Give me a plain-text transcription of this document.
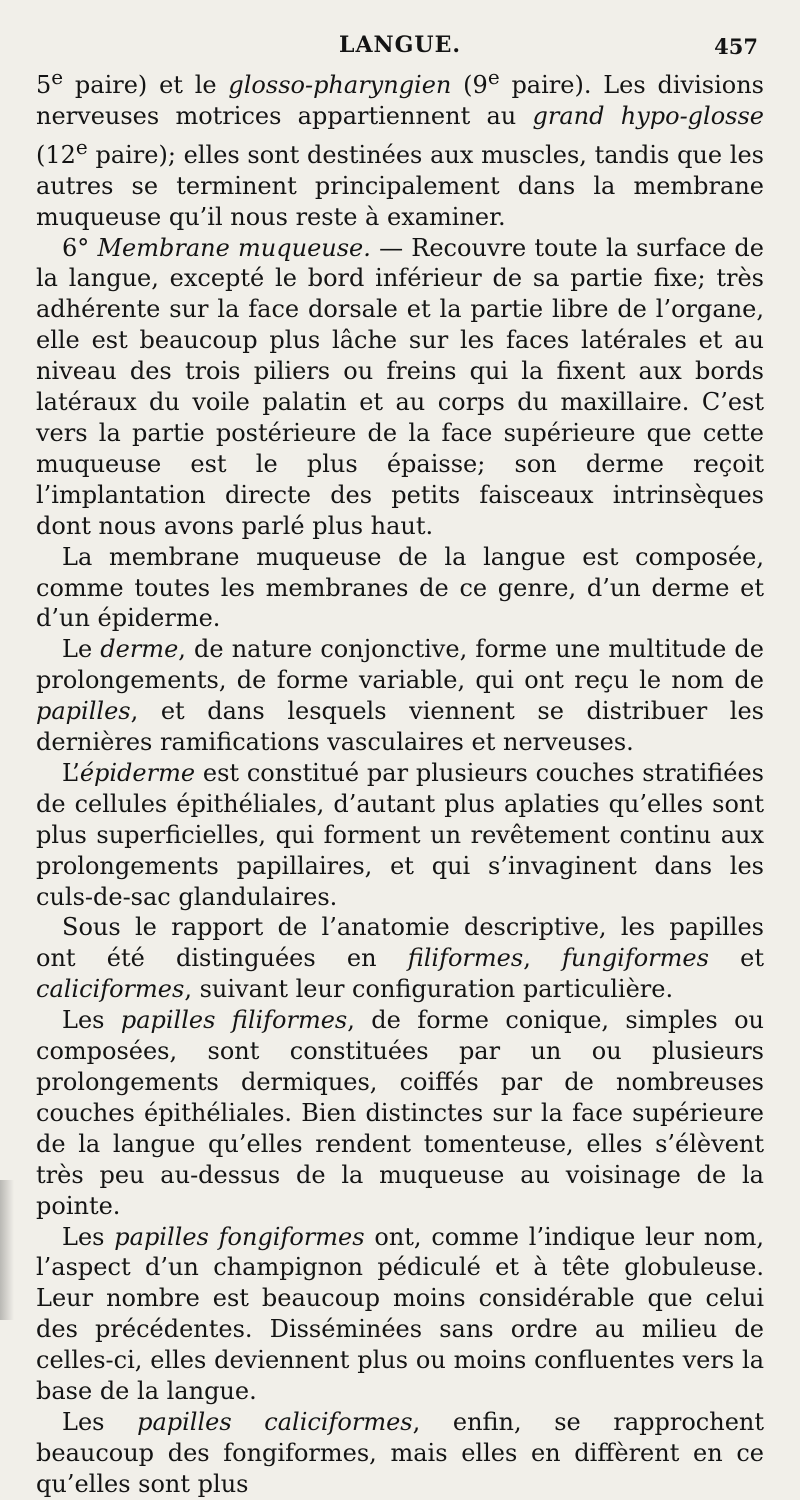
LANGUE.	457

5e paire) et le glosso-pharyngien (9e paire). Les divisions nerveuses motrices appartiennent au grand hypo-glosse (12e paire); elles sont destinées aux muscles, tandis que les autres se terminent principalement dans la membrane muqueuse qu’il nous reste à examiner.

6° Membrane muqueuse. — Recouvre toute la surface de la langue, excepté le bord inférieur de sa partie fixe; très adhérente sur la face dorsale et la partie libre de l’organe, elle est beaucoup plus lâche sur les faces latérales et au niveau des trois piliers ou freins qui la fixent aux bords latéraux du voile palatin et au corps du maxillaire. C’est vers la partie postérieure de la face supérieure que cette muqueuse est le plus épaisse; son derme reçoit l’implantation directe des petits faisceaux intrinsèques dont nous avons parlé plus haut.

La membrane muqueuse de la langue est composée, comme toutes les membranes de ce genre, d’un derme et d’un épiderme.

Le derme, de nature conjonctive, forme une multitude de prolongements, de forme variable, qui ont reçu le nom de papilles, et dans lesquels viennent se distribuer les dernières ramifications vasculaires et nerveuses.

L’épiderme est constitué par plusieurs couches stratifiées de cellules épithéliales, d’autant plus aplaties qu’elles sont plus superficielles, qui forment un revêtement continu aux prolongements papillaires, et qui s’invaginent dans les culs-de-sac glandulaires.

Sous le rapport de l’anatomie descriptive, les papilles ont été distinguées en filiformes, fungiformes et caliciformes, suivant leur configuration particulière.

Les papilles filiformes, de forme conique, simples ou composées, sont constituées par un ou plusieurs prolongements dermiques, coiffés par de nombreuses couches épithéliales. Bien distinctes sur la face supérieure de la langue qu’elles rendent tomenteuse, elles s’élèvent très peu au-dessus de la muqueuse au voisinage de la pointe.

Les papilles fongiformes ont, comme l’indique leur nom, l’aspect d’un champignon pédiculé et à tête globuleuse. Leur nombre est beaucoup moins considérable que celui des précédentes. Disséminées sans ordre au milieu de celles-ci, elles deviennent plus ou moins confluentes vers la base de la langue.

Les papilles caliciformes, enfin, se rapprochent beaucoup des fongiformes, mais elles en diffèrent en ce qu’elles sont plus
